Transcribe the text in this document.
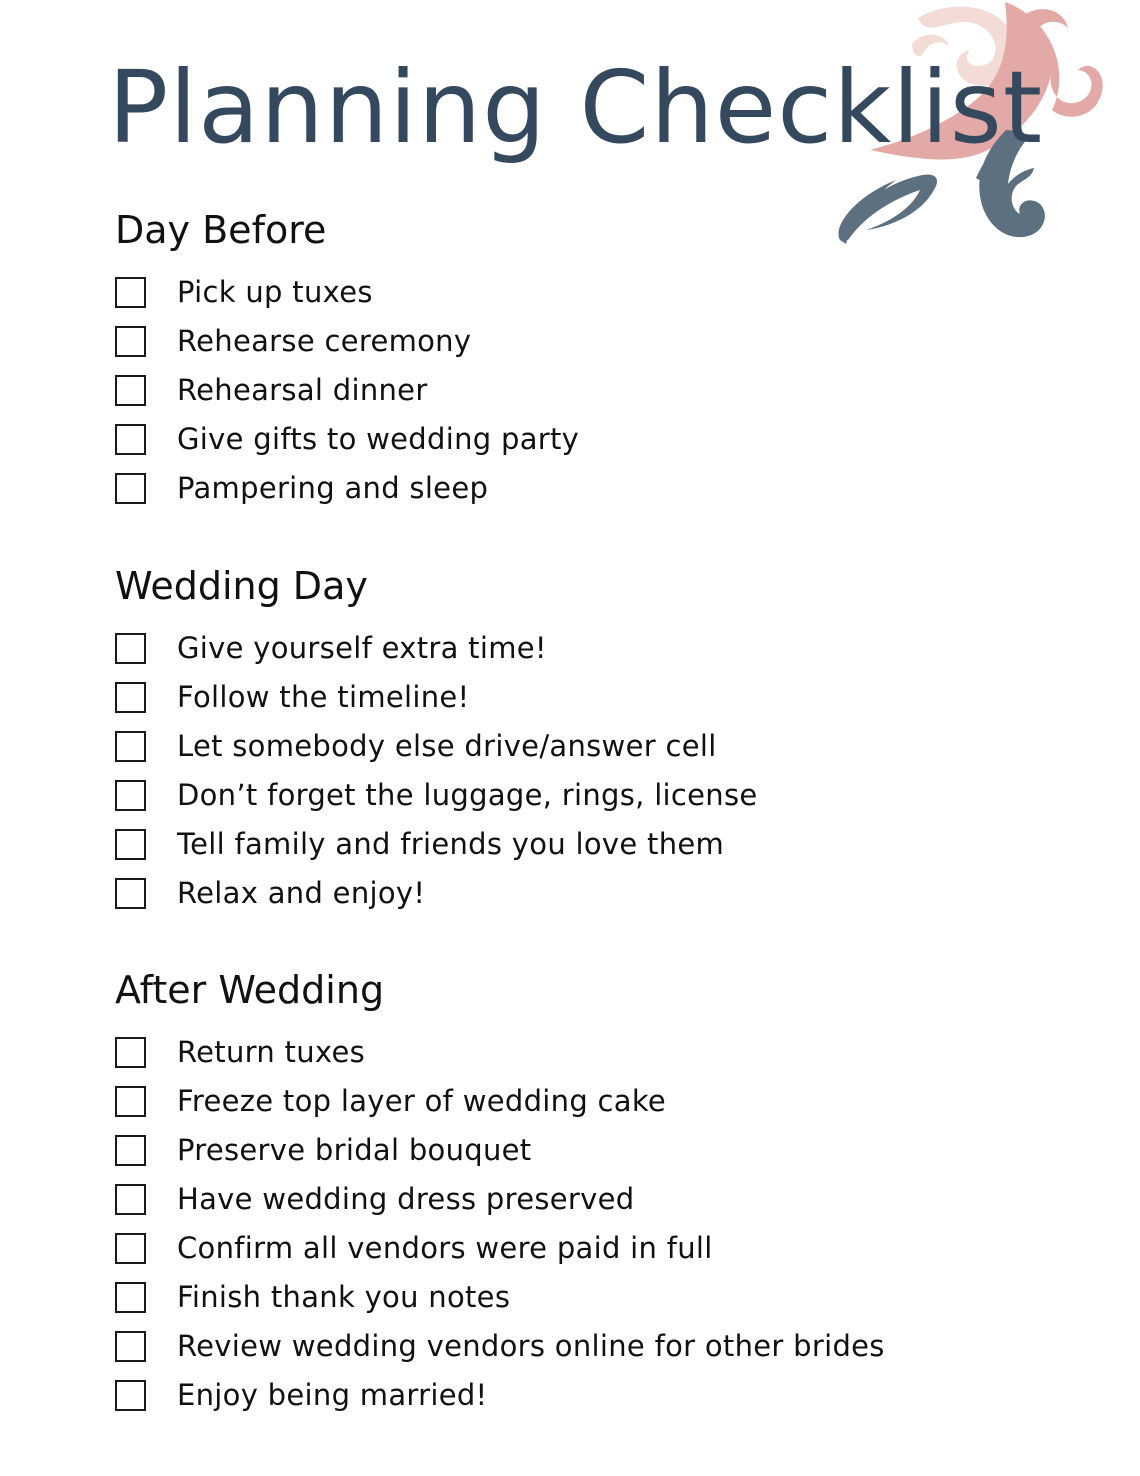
Planning Checklist
Day Before
Pick up tuxes
Rehearse ceremony
Rehearsal dinner
Give gifts to wedding party
Pampering and sleep
Wedding Day
Give yourself extra time!
Follow the timeline!
Let somebody else drive/answer cell
Don’t forget the luggage, rings, license
Tell family and friends you love them
Relax and enjoy!
After Wedding
Return tuxes
Freeze top layer of wedding cake
Preserve bridal bouquet
Have wedding dress preserved
Confirm all vendors were paid in full
Finish thank you notes
Review wedding vendors online for other brides
Enjoy being married!
